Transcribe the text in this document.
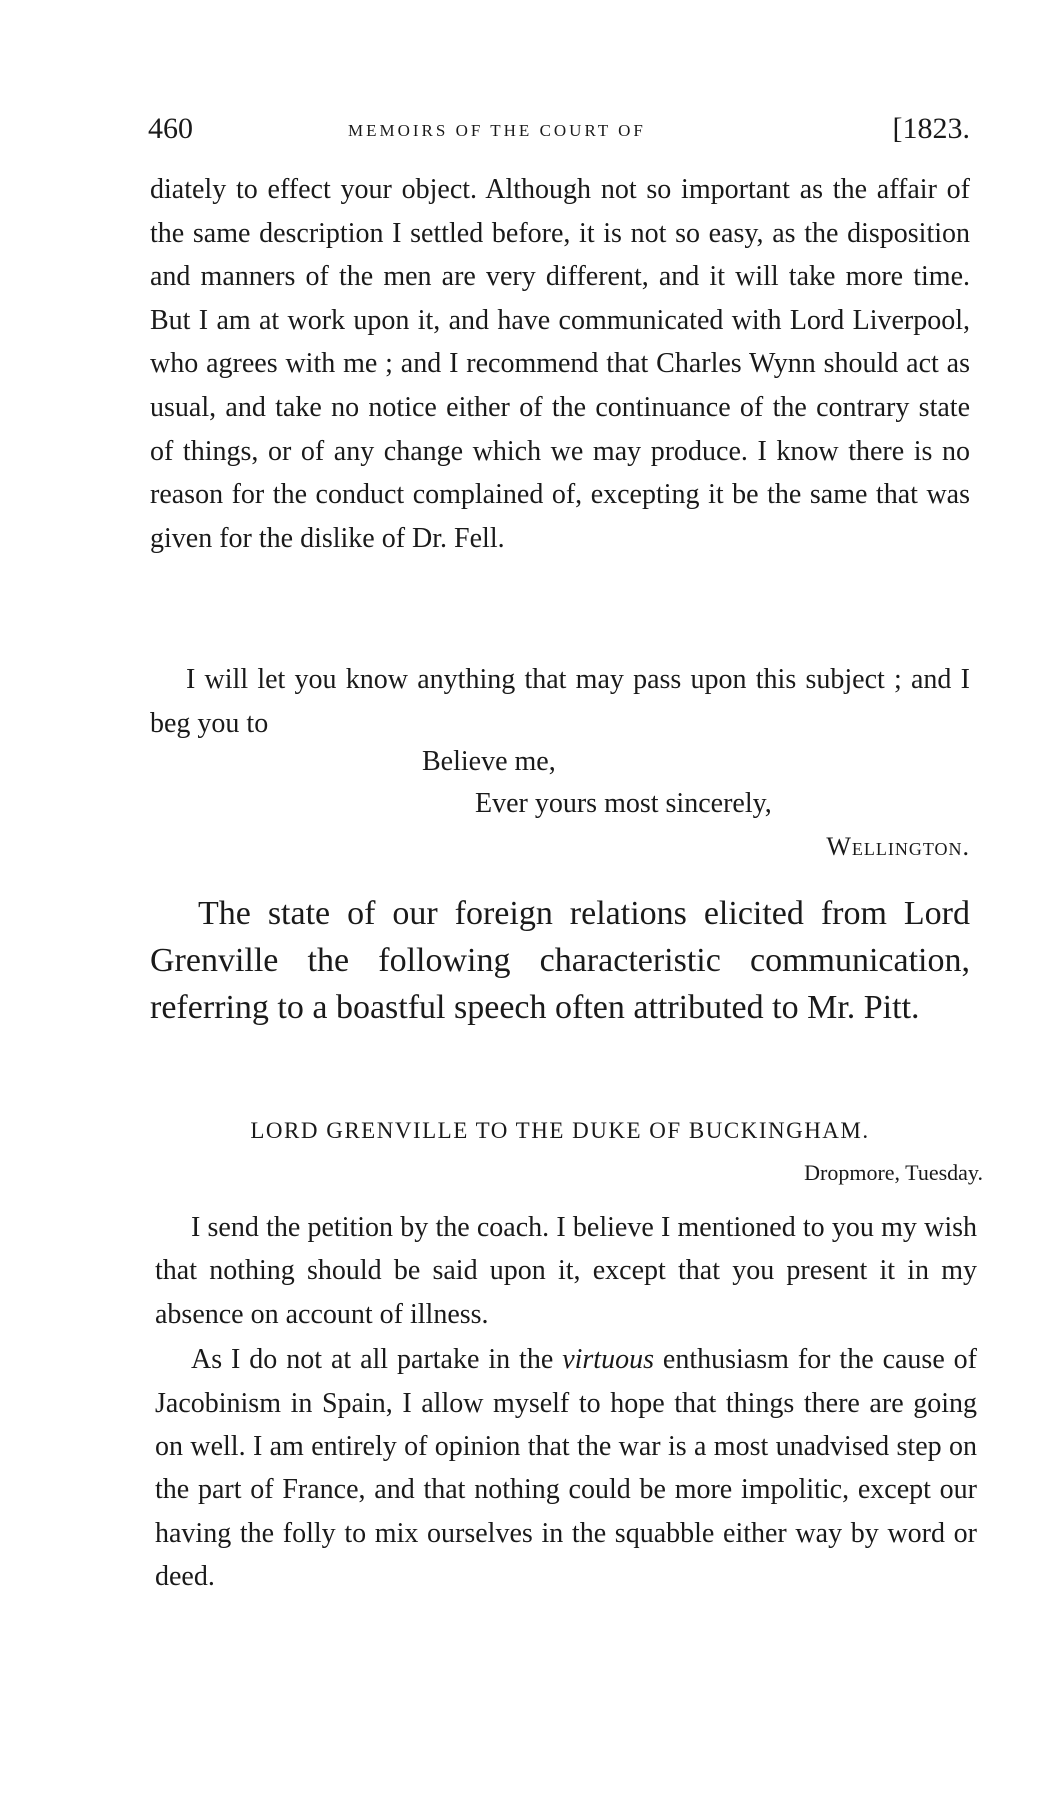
460	MEMOIRS OF THE COURT OF	[1823.

diately to effect your object. Although not so important as the affair of the same description I settled before, it is not so easy, as the disposition and manners of the men are very different, and it will take more time. But I am at work upon it, and have communicated with Lord Liverpool, who agrees with me ; and I recommend that Charles Wynn should act as usual, and take no notice either of the continuance of the contrary state of things, or of any change which we may produce. I know there is no reason for the conduct complained of, excepting it be the same that was given for the dislike of Dr. Fell.

I will let you know anything that may pass upon this subject ; and I beg you to

Believe me,
Ever yours most sincerely,
Wellington.

The state of our foreign relations elicited from Lord Grenville the following characteristic communication, referring to a boastful speech often attributed to Mr. Pitt.

LORD GRENVILLE TO THE DUKE OF BUCKINGHAM.
Dropmore, Tuesday.

I send the petition by the coach. I believe I mentioned to you my wish that nothing should be said upon it, except that you present it in my absence on account of illness.

As I do not at all partake in the virtuous enthusiasm for the cause of Jacobinism in Spain, I allow myself to hope that things there are going on well. I am entirely of opinion that the war is a most unadvised step on the part of France, and that nothing could be more impolitic, except our having the folly to mix ourselves in the squabble either way by word or deed.
